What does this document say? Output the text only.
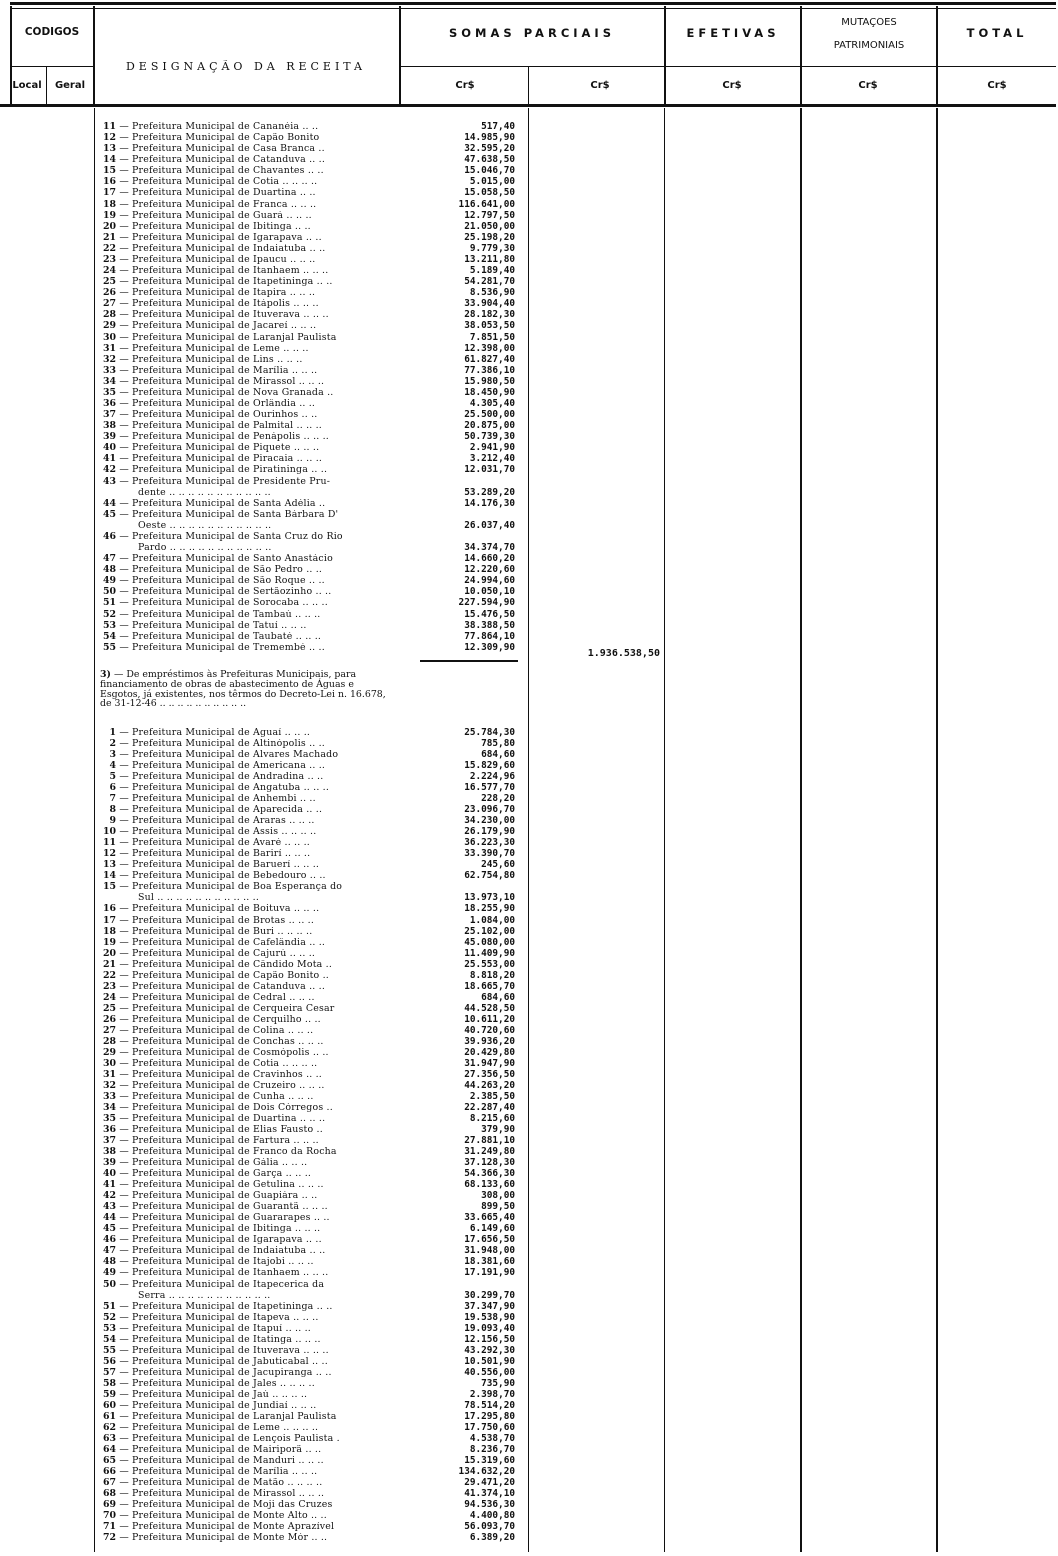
CÓDIGOS
Local	Geral
DESIGNAÇÃO DA RECEITA
SOMAS PARCIAIS	EFETIVAS
MUTAÇÕES
PATRIMONIAIS
TOTAL
Cr$	Cr$	Cr$	Cr$	Cr$
11 — Prefeitura Municipal de Cananéia .. ..	517,40
12 — Prefeitura Municipal de Capão Bonito	14.985,90
13 — Prefeitura Municipal de Casa Branca ..	32.595,20
14 — Prefeitura Municipal de Catanduva .. ..	47.638,50
15 — Prefeitura Municipal de Chavantes .. ..	15.046,70
16 — Prefeitura Municipal de Cotia .. .. .. ..	5.015,00
17 — Prefeitura Municipal de Duartina .. ..	15.058,50
18 — Prefeitura Municipal de Franca .. .. ..	116.641,00
19 — Prefeitura Municipal de Guará .. .. ..	12.797,50
20 — Prefeitura Municipal de Ibitinga .. ..	21.050,00
21 — Prefeitura Municipal de Igarapava .. ..	25.198,20
22 — Prefeitura Municipal de Indaiatuba .. ..	9.779,30
23 — Prefeitura Municipal de Ipaucu .. .. ..	13.211,80
24 — Prefeitura Municipal de Itanhaem .. .. ..	5.189,40
25 — Prefeitura Municipal de Itapetininga .. ..	54.281,70
26 — Prefeitura Municipal de Itapira .. .. ..	8.536,90
27 — Prefeitura Municipal de Itápolis .. .. ..	33.904,40
28 — Prefeitura Municipal de Ituverava .. .. ..	28.182,30
29 — Prefeitura Municipal de Jacareí .. .. ..	38.053,50
30 — Prefeitura Municipal de Laranjal Paulista	7.851,50
31 — Prefeitura Municipal de Leme .. .. ..	12.398,00
32 — Prefeitura Municipal de Lins .. .. ..	61.827,40
33 — Prefeitura Municipal de Marília .. .. ..	77.386,10
34 — Prefeitura Municipal de Mirassol .. .. ..	15.980,50
35 — Prefeitura Municipal de Nova Granada ..	18.450,90
36 — Prefeitura Municipal de Orlândia .. ..	4.305,40
37 — Prefeitura Municipal de Ourinhos .. ..	25.500,00
38 — Prefeitura Municipal de Palmital .. .. ..	20.875,00
39 — Prefeitura Municipal de Penápolis .. .. ..	50.739,30
40 — Prefeitura Municipal de Piquete .. .. ..	2.941,90
41 — Prefeitura Municipal de Piracaia .. .. ..	3.212,40
42 — Prefeitura Municipal de Piratininga .. ..	12.031,70
43 — Prefeitura Municipal de Presidente Pru-
dente .. .. .. .. .. .. .. .. .. .. ..	53.289,20
44 — Prefeitura Municipal de Santa Adélia ..	14.176,30
45 — Prefeitura Municipal de Santa Bárbara D'
Oeste .. .. .. .. .. .. .. .. .. .. ..	26.037,40
46 — Prefeitura Municipal de Santa Cruz do Rio
Pardo .. .. .. .. .. .. .. .. .. .. ..	34.374,70
47 — Prefeitura Municipal de Santo Anastácio	14.660,20
48 — Prefeitura Municipal de São Pedro .. ..	12.220,60
49 — Prefeitura Municipal de São Roque .. ..	24.994,60
50 — Prefeitura Municipal de Sertãozinho .. ..	10.050,10
51 — Prefeitura Municipal de Sorocaba .. .. ..	227.594,90
52 — Prefeitura Municipal de Tambaú .. .. ..	15.476,50
53 — Prefeitura Municipal de Tatuí .. .. ..	38.388,50
54 — Prefeitura Municipal de Taubaté .. .. ..	77.864,10
55 — Prefeitura Municipal de Tremembé .. ..	12.309,90
1.936.538,50
3) — De empréstimos às Prefeituras Municipais, para financiamento de obras de abastecimento de Águas e Esgotos, já existentes, nos têrmos do Decreto-Lei n. 16.678, de 31-12-46 .. .. .. .. .. .. .. .. .. ..
1 — Prefeitura Municipal de Aguaí .. .. ..	25.784,30
2 — Prefeitura Municipal de Altinópolis .. ..	785,80
3 — Prefeitura Municipal de Alvares Machado	684,60
4 — Prefeitura Municipal de Americana .. ..	15.829,60
5 — Prefeitura Municipal de Andradina .. ..	2.224,96
6 — Prefeitura Municipal de Angatuba .. .. ..	16.577,70
7 — Prefeitura Municipal de Anhembi .. ..	228,20
8 — Prefeitura Municipal de Aparecida .. ..	23.096,70
9 — Prefeitura Municipal de Araras .. .. ..	34.230,00
10 — Prefeitura Municipal de Assis .. .. .. ..	26.179,90
11 — Prefeitura Municipal de Avaré .. .. ..	36.223,30
12 — Prefeitura Municipal de Barirí .. .. ..	33.390,70
13 — Prefeitura Municipal de Baruerí .. .. ..	245,60
14 — Prefeitura Municipal de Bebedouro .. ..	62.754,80
15 — Prefeitura Municipal de Boa Esperança do
Sul .. .. .. .. .. .. .. .. .. .. ..	13.973,10
16 — Prefeitura Municipal de Boituva .. .. ..	18.255,90
17 — Prefeitura Municipal de Brotas .. .. ..	1.084,00
18 — Prefeitura Municipal de Buri .. .. .. ..	25.102,00
19 — Prefeitura Municipal de Cafelândia .. ..	45.080,00
20 — Prefeitura Municipal de Cajurú .. .. ..	11.409,90
21 — Prefeitura Municipal de Cândido Mota ..	25.553,00
22 — Prefeitura Municipal de Capão Bonito ..	8.818,20
23 — Prefeitura Municipal de Catanduva .. ..	18.665,70
24 — Prefeitura Municipal de Cedral .. .. ..	684,60
25 — Prefeitura Municipal de Cerqueira Cesar	44.528,50
26 — Prefeitura Municipal de Cerquilho .. ..	10.611,20
27 — Prefeitura Municipal de Colina .. .. ..	40.720,60
28 — Prefeitura Municipal de Conchas .. .. ..	39.936,20
29 — Prefeitura Municipal de Cosmópolis .. ..	20.429,80
30 — Prefeitura Municipal de Cotia .. .. .. ..	31.947,90
31 — Prefeitura Municipal de Cravinhos .. ..	27.356,50
32 — Prefeitura Municipal de Cruzeiro .. .. ..	44.263,20
33 — Prefeitura Municipal de Cunha .. .. ..	2.385,50
34 — Prefeitura Municipal de Dois Córregos ..	22.287,40
35 — Prefeitura Municipal de Duartina .. .. ..	8.215,60
36 — Prefeitura Municipal de Elias Fausto ..	379,90
37 — Prefeitura Municipal de Fartura .. .. ..	27.881,10
38 — Prefeitura Municipal de Franco da Rocha	31.249,80
39 — Prefeitura Municipal de Gália .. .. ..	37.128,30
40 — Prefeitura Municipal de Garça .. .. ..	54.366,30
41 — Prefeitura Municipal de Getulina .. .. ..	68.133,60
42 — Prefeitura Municipal de Guapiára .. ..	308,00
43 — Prefeitura Municipal de Guarantã .. .. ..	899,50
44 — Prefeitura Municipal de Guararapes .. ..	33.665,40
45 — Prefeitura Municipal de Ibitinga .. .. ..	6.149,60
46 — Prefeitura Municipal de Igarapava .. ..	17.656,50
47 — Prefeitura Municipal de Indaiatuba .. ..	31.948,00
48 — Prefeitura Municipal de Itajobi .. .. ..	18.381,60
49 — Prefeitura Municipal de Itanhaem .. .. ..	17.191,90
50 — Prefeitura Municipal de Itapecerica da
Serra .. .. .. .. .. .. .. .. .. .. ..	30.299,70
51 — Prefeitura Municipal de Itapetininga .. ..	37.347,90
52 — Prefeitura Municipal de Itapeva .. .. ..	19.538,90
53 — Prefeitura Municipal de Itapuí .. .. ..	19.093,40
54 — Prefeitura Municipal de Itatinga .. .. ..	12.156,50
55 — Prefeitura Municipal de Ituverava .. .. ..	43.292,30
56 — Prefeitura Municipal de Jabuticabal .. ..	10.501,90
57 — Prefeitura Municipal de Jacupiranga .. ..	40.556,00
58 — Prefeitura Municipal de Jales .. .. .. ..	735,90
59 — Prefeitura Municipal de Jaú .. .. .. ..	2.398,70
60 — Prefeitura Municipal de Jundiaí .. .. ..	78.514,20
61 — Prefeitura Municipal de Laranjal Paulista	17.295,80
62 — Prefeitura Municipal de Leme .. .. .. ..	17.750,60
63 — Prefeitura Municipal de Lençois Paulista .	4.538,70
64 — Prefeitura Municipal de Mairiporã .. ..	8.236,70
65 — Prefeitura Municipal de Manduri .. .. ..	15.319,60
66 — Prefeitura Municipal de Marília .. .. ..	134.632,20
67 — Prefeitura Municipal de Matão .. .. .. ..	29.471,20
68 — Prefeitura Municipal de Mirassol .. .. ..	41.374,10
69 — Prefeitura Municipal de Moji das Cruzes	94.536,30
70 — Prefeitura Municipal de Monte Alto .. ..	4.400,80
71 — Prefeitura Municipal de Monte Aprazível	56.093,70
72 — Prefeitura Municipal de Monte Mór .. ..	6.389,20
